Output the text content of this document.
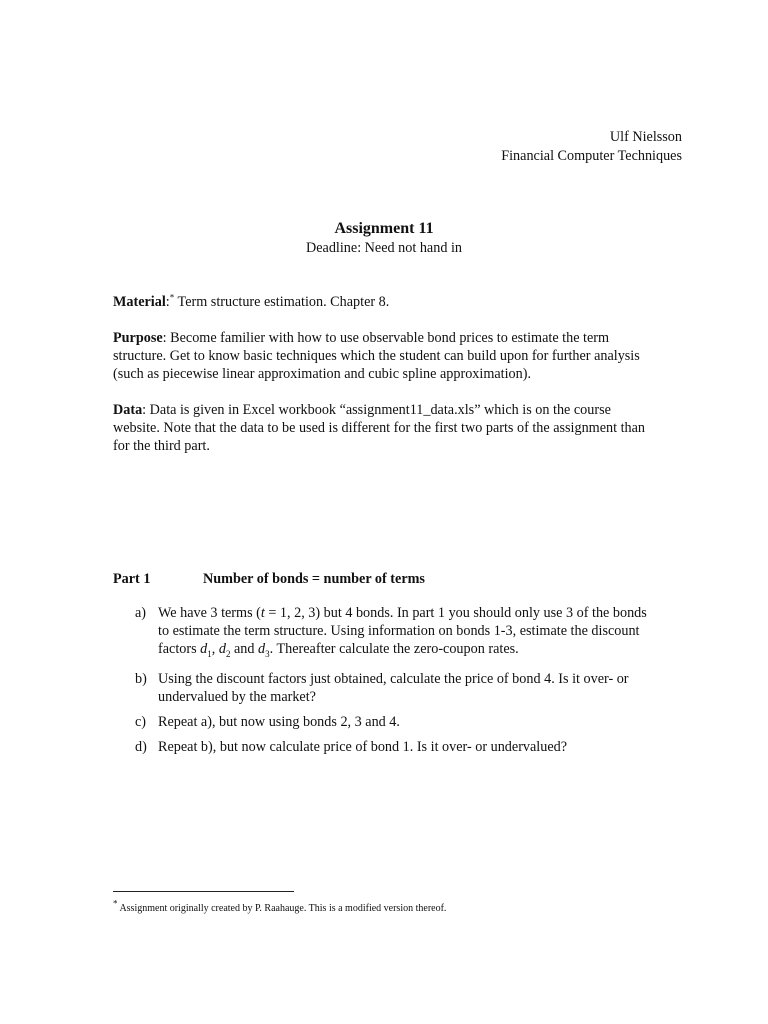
Ulf Nielsson
Financial Computer Techniques
Assignment 11
Deadline: Need not hand in
Material:* Term structure estimation. Chapter 8.
Purpose: Become familier with how to use observable bond prices to estimate the term structure. Get to know basic techniques which the student can build upon for further analysis (such as piecewise linear approximation and cubic spline approximation).
Data: Data is given in Excel workbook “assignment11_data.xls” which is on the course website. Note that the data to be used is different for the first two parts of the assignment than for the third part.
Part 1	Number of bonds = number of terms
a) We have 3 terms (t = 1, 2, 3) but 4 bonds. In part 1 you should only use 3 of the bonds to estimate the term structure. Using information on bonds 1-3, estimate the discount factors $d_1$, $d_2$ and $d_3$. Thereafter calculate the zero-coupon rates.
b) Using the discount factors just obtained, calculate the price of bond 4. Is it over- or undervalued by the market?
c) Repeat a), but now using bonds 2, 3 and 4.
d) Repeat b), but now calculate price of bond 1. Is it over- or undervalued?
* Assignment originally created by P. Raahauge. This is a modified version thereof.
